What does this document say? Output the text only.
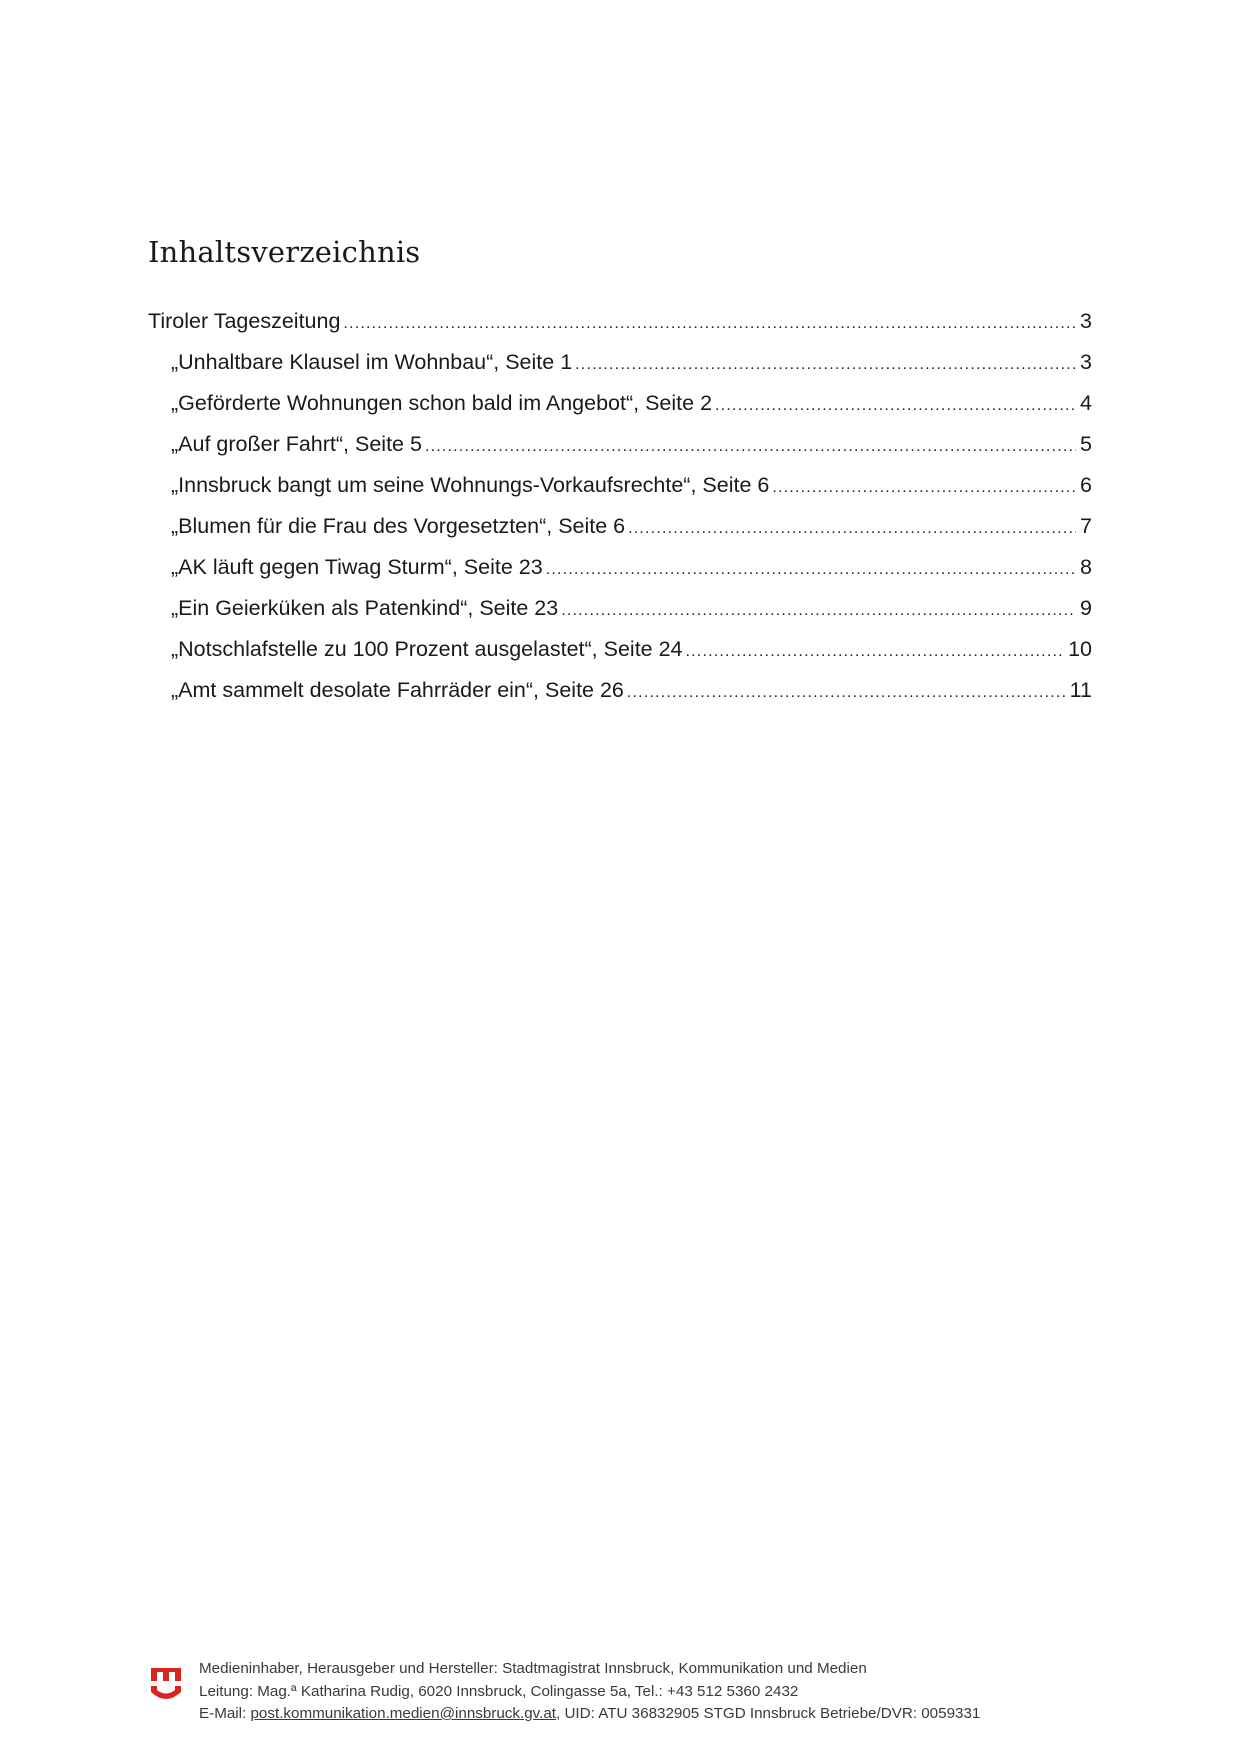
Inhaltsverzeichnis
Tiroler Tageszeitung .....	3
„Unhaltbare Klausel im Wohnbau“, Seite 1 .....	3
„Geförderte Wohnungen schon bald im Angebot“, Seite 2 .....	4
„Auf großer Fahrt“, Seite 5 .....	5
„Innsbruck bangt um seine Wohnungs-Vorkaufsrechte“, Seite 6 .....	6
„Blumen für die Frau des Vorgesetzten“, Seite 6 .....	7
„AK läuft gegen Tiwag Sturm“, Seite 23 .....	8
„Ein Geierküken als Patenkind“, Seite 23 .....	9
„Notschlafstelle zu 100 Prozent ausgelastet“, Seite 24 .....	10
„Amt sammelt desolate Fahrräder ein“, Seite 26 .....	11
Medieninhaber, Herausgeber und Hersteller: Stadtmagistrat Innsbruck, Kommunikation und Medien
Leitung: Mag.ª Katharina Rudig, 6020 Innsbruck, Colingasse 5a, Tel.: +43 512 5360 2432
E-Mail: post.kommunikation.medien@innsbruck.gv.at, UID: ATU 36832905 STGD Innsbruck Betriebe/DVR: 0059331
